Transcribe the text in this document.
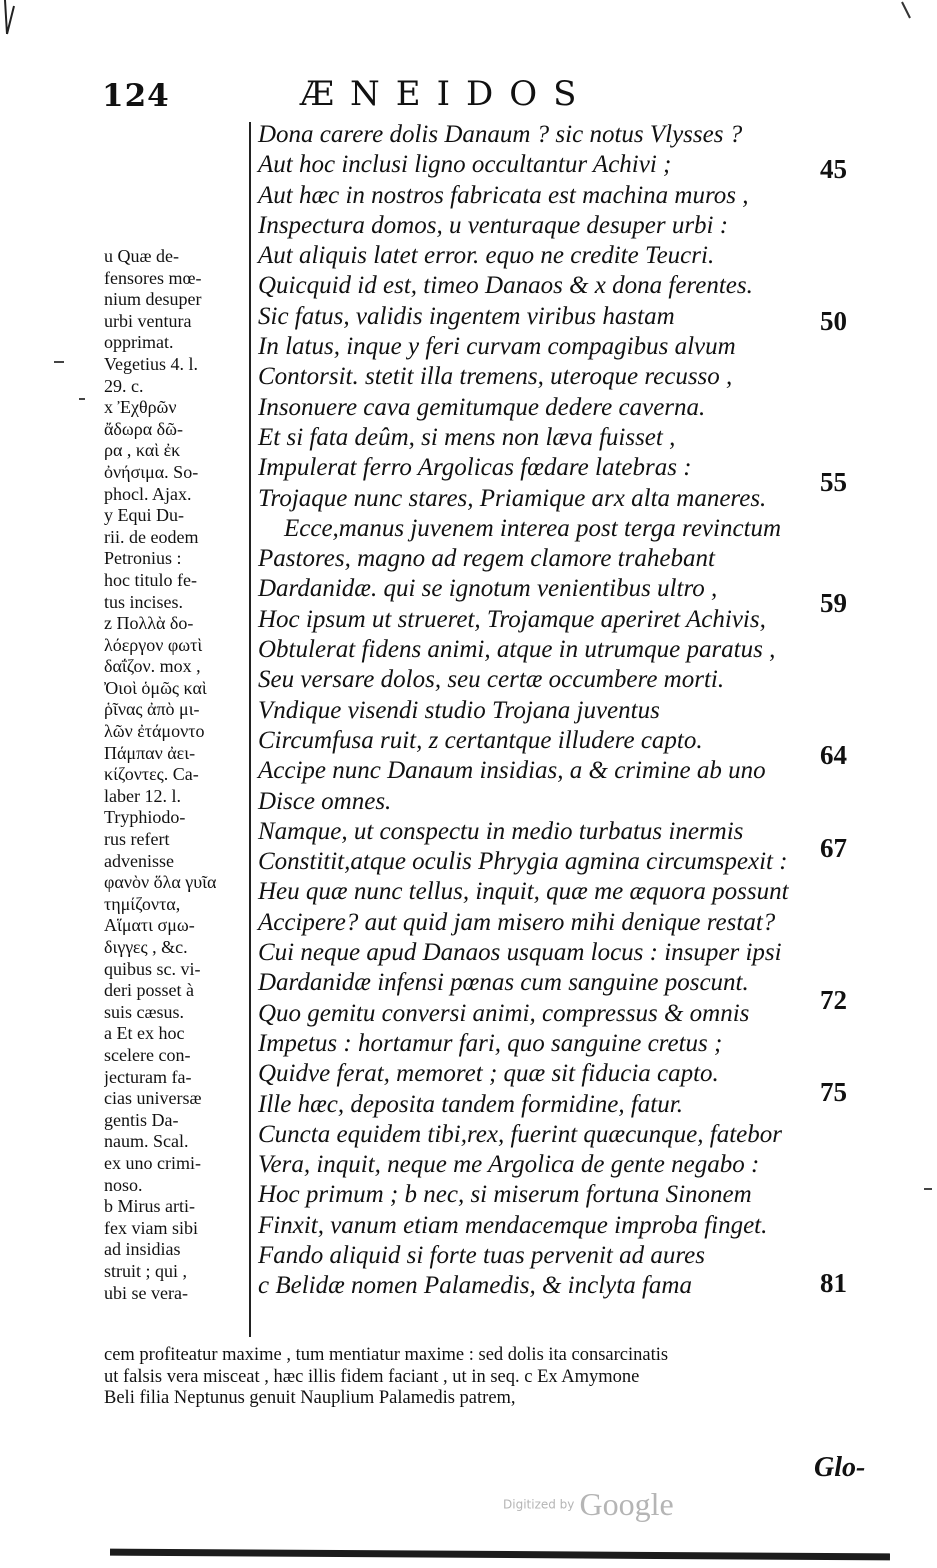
124	ÆNEIDOS
Dona carere dolis Danaum ? sic notus Vlysses ?
Aut hoc inclusi ligno occultantur Achivi ;
Aut hæc in nostros fabricata est machina muros ,
Inspectura domos, u venturaque desuper urbi :
Aut aliquis latet error. equo ne credite Teucri.
Quicquid id est, timeo Danaos & x dona ferentes.
Sic fatus, validis ingentem viribus hastam
In latus, inque y feri curvam compagibus alvum
Contorsit. stetit illa tremens, uteroque recusso ,
Insonuere cava gemitumque dedere caverna.
Et si fata deûm, si mens non læva fuisset ,
Impulerat ferro Argolicas fœdare latebras :
Trojaque nunc stares, Priamique arx alta maneres.
Ecce,manus juvenem interea post terga revinctum
Pastores, magno ad regem clamore trahebant
Dardanidæ. qui se ignotum venientibus ultro ,
Hoc ipsum ut strueret, Trojamque aperiret Achivis,
Obtulerat fidens animi, atque in utrumque paratus ,
Seu versare dolos, seu certæ occumbere morti.
Vndique visendi studio Trojana juventus
Circumfusa ruit, z certantque illudere capto.
Accipe nunc Danaum insidias, a & crimine ab uno
Disce omnes.
Namque, ut conspectu in medio turbatus inermis
Constitit,atque oculis Phrygia agmina circumspexit :
Heu quæ nunc tellus, inquit, quæ me æquora possunt
Accipere? aut quid jam misero mihi denique restat?
Cui neque apud Danaos usquam locus : insuper ipsi
Dardanidæ infensi pœnas cum sanguine poscunt.
Quo gemitu conversi animi, compressus & omnis
Impetus : hortamur fari, quo sanguine cretus ;
Quidve ferat, memoret ; quæ sit fiducia capto.
Ille hæc, deposita tandem formidine, fatur.
Cuncta equidem tibi,rex, fuerint quæcunque, fatebor
Vera, inquit, neque me Argolica de gente negabo :
Hoc primum ; b nec, si miserum fortuna Sinonem
Finxit, vanum etiam mendacemque improba finget.
Fando aliquid si forte tuas pervenit ad aures
c Belidæ nomen Palamedis, & inclyta fama
45
50
55
59
64
67
72
75
81
u Quæ de-
fensores mœ-
nium desuper
urbi ventura
opprimat.
Vegetius 4. l.
29. c.
x Ἐχθρῶν
ἄδωρα δῶ-
ρα , καὶ ἐκ
ὀνήσιμα. So-
phocl. Ajax.
y Equi Du-
rii. de eodem
Petronius :
hoc titulo fe-
tus incises.
z Πολλὰ δο-
λόεργον φωτὶ
δαΐζον. mox ,
Ὀιοὶ ὁμῶς καὶ
ῥῖνας ἀπὸ μι-
λῶν ἐτάμοντο
Πάμπαν ἀει-
κίζοντες. Ca-
laber 12. l.
Tryphiodo-
rus refert
advenisse
φανὸν ὅλα γυῖα
τημίζοντα,
Αἵματι σμω-
διγγες , &c.
quibus sc. vi-
deri posset à
suis cæsus.
a Et ex hoc
scelere con-
jecturam fa-
cias universæ
gentis Da-
naum. Scal.
ex uno crimi-
noso.
b Mirus arti-
fex viam sibi
ad insidias
struit ; qui ,
ubi se vera-
cem profiteatur maxime , tum mentiatur maxime : sed dolis ita consarcinatis
ut falsis vera misceat , hæc illis fidem faciant , ut in seq. c Ex Amymone
Beli filia Neptunus genuit Nauplium Palamedis patrem,
Glo-
Digitized by Google
